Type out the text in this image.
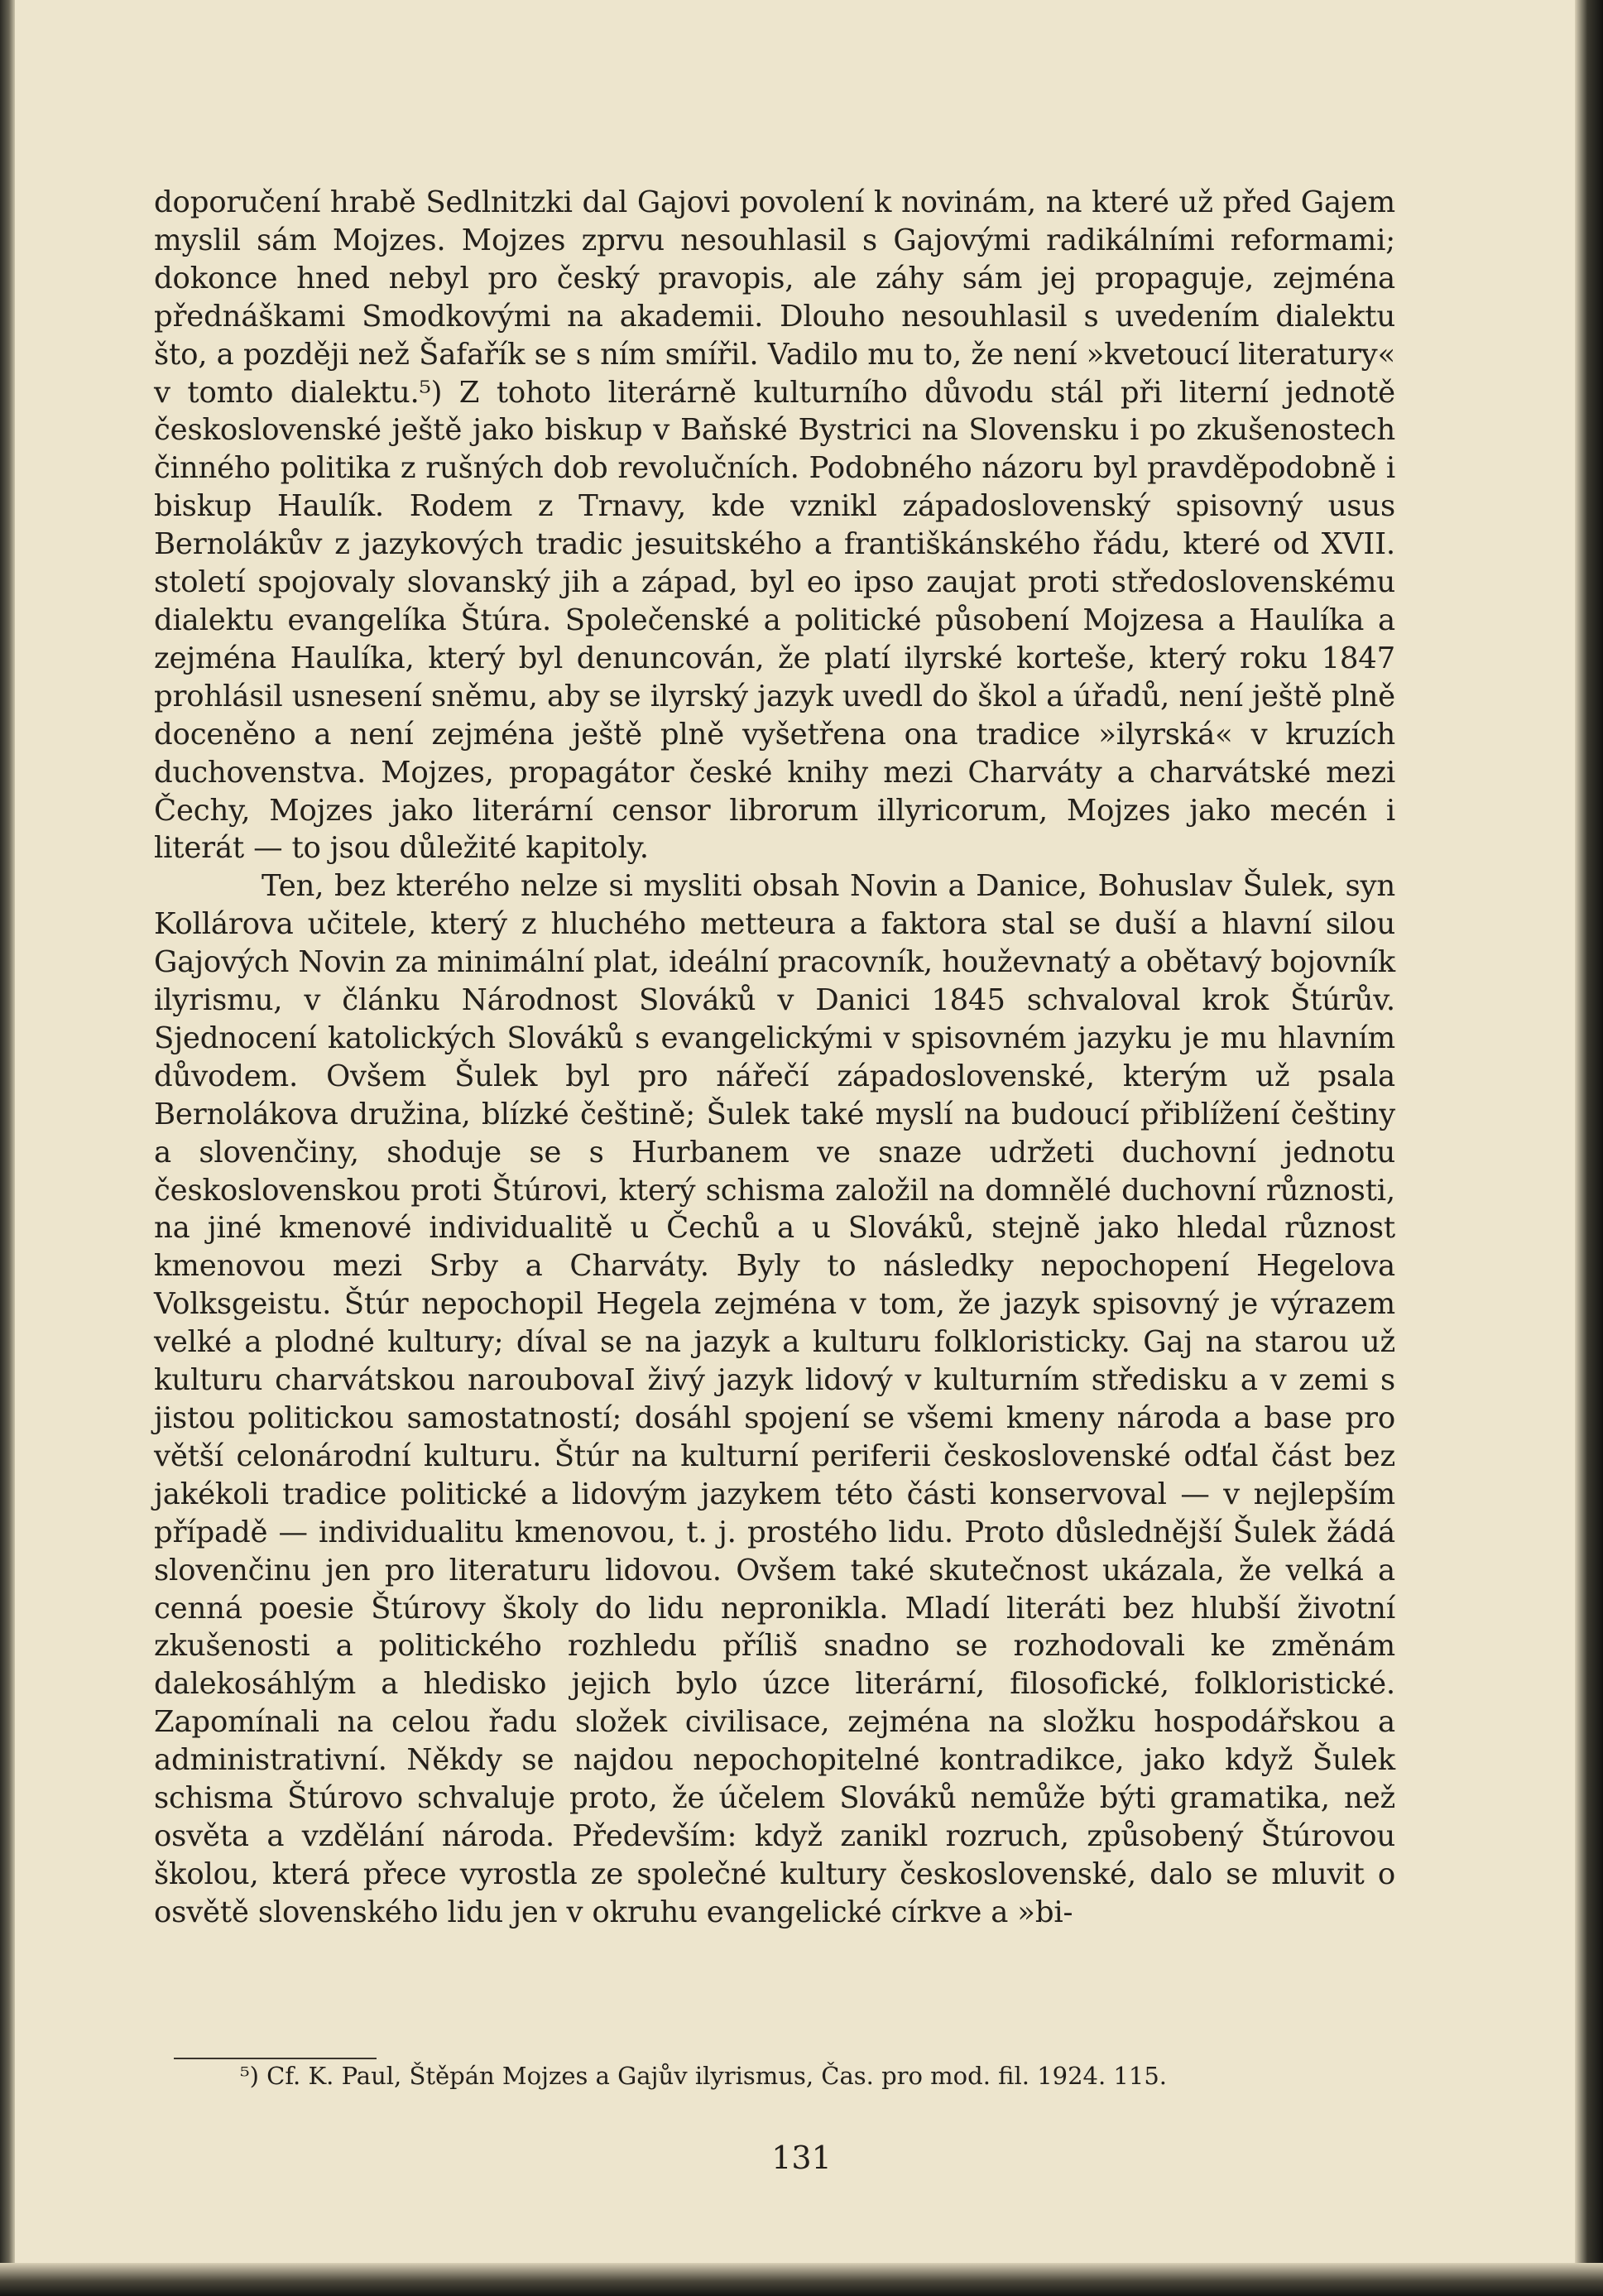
doporučení hrabě Sedlnitzki dal Gajovi povolení k novinám, na které už před Gajem myslil sám Mojzes. Mojzes zprvu nesouhlasil s Gajovými radikálními reformami; dokonce hned nebyl pro český pravopis, ale záhy sám jej propaguje, zejména přednáškami Smodkovými na akademii. Dlouho nesouhlasil s uvedením dialektu što, a později než Šafařík se s ním smířil. Vadilo mu to, že není »kvetoucí literatury« v tomto dialektu.⁵) Z tohoto literárně kulturního důvodu stál při literní jednotě československé ještě jako biskup v Baňské Bystrici na Slovensku i po zkušenostech činného politika z rušných dob revolučních. Podobného názoru byl pravděpodobně i biskup Haulík. Rodem z Trnavy, kde vznikl západoslovenský spisovný usus Bernolákův z jazykových tradic jesuitského a františkánského řádu, které od XVII. století spojovaly slovanský jih a západ, byl eo ipso zaujat proti středoslovenskému dialektu evangelíka Štúra. Společenské a politické působení Mojzesa a Haulíka a zejména Haulíka, který byl denuncován, že platí ilyrské korteše, který roku 1847 prohlásil usnesení sněmu, aby se ilyrský jazyk uvedl do škol a úřadů, není ještě plně doceněno a není zejména ještě plně vyšetřena ona tradice »ilyrská« v kruzích duchovenstva. Mojzes, propagátor české knihy mezi Charváty a charvátské mezi Čechy, Mojzes jako literární censor librorum illyricorum, Mojzes jako mecén i literát — to jsou důležité kapitoly.

Ten, bez kterého nelze si mysliti obsah Novin a Danice, Bohuslav Šulek, syn Kollárova učitele, který z hluchého metteura a faktora stal se duší a hlavní silou Gajových Novin za minimální plat, ideální pracovník, houževnatý a obětavý bojovník ilyrismu, v článku Národnost Slováků v Danici 1845 schvaloval krok Štúrův. Sjednocení katolických Slováků s evangelickými v spisovném jazyku je mu hlavním důvodem. Ovšem Šulek byl pro nářečí západoslovenské, kterým už psala Bernolákova družina, blízké češtině; Šulek také myslí na budoucí přiblížení češtiny a slovenčiny, shoduje se s Hurbanem ve snaze udržeti duchovní jednotu československou proti Štúrovi, který schisma založil na domnělé duchovní různosti, na jiné kmenové individualitě u Čechů a u Slováků, stejně jako hledal různost kmenovou mezi Srby a Charváty. Byly to následky nepochopení Hegelova Volksgeistu. Štúr nepochopil Hegela zejména v tom, že jazyk spisovný je výrazem velké a plodné kultury; díval se na jazyk a kulturu folkloristicky. Gaj na starou už kulturu charvátskou naroubovaI živý jazyk lidový v kulturním středisku a v zemi s jistou politickou samostatností; dosáhl spojení se všemi kmeny národa a base pro větší celonárodní kulturu. Štúr na kulturní periferii československé odťal část bez jakékoli tradice politické a lidovým jazykem této části konservoval — v nejlepším případě — individualitu kmenovou, t. j. prostého lidu. Proto důslednější Šulek žádá slovenčinu jen pro literaturu lidovou. Ovšem také skutečnost ukázala, že velká a cenná poesie Štúrovy školy do lidu nepronikla. Mladí literáti bez hlubší životní zkušenosti a politického rozhledu příliš snadno se rozhodovali ke změnám dalekosáhlým a hledisko jejich bylo úzce literární, filosofické, folkloristické. Zapomínali na celou řadu složek civilisace, zejména na složku hospodářskou a administrativní. Někdy se najdou nepochopitelné kontradikce, jako když Šulek schisma Štúrovo schvaluje proto, že účelem Slováků nemůže býti gramatika, než osvěta a vzdělání národa. Především: když zanikl rozruch, způsobený Štúrovou školou, která přece vyrostla ze společné kultury československé, dalo se mluvit o osvětě slovenského lidu jen v okruhu evangelické církve a »bi-

⁵) Cf. K. Paul, Štěpán Mojzes a Gajův ilyrismus, Čas. pro mod. fil. 1924. 115.
131
